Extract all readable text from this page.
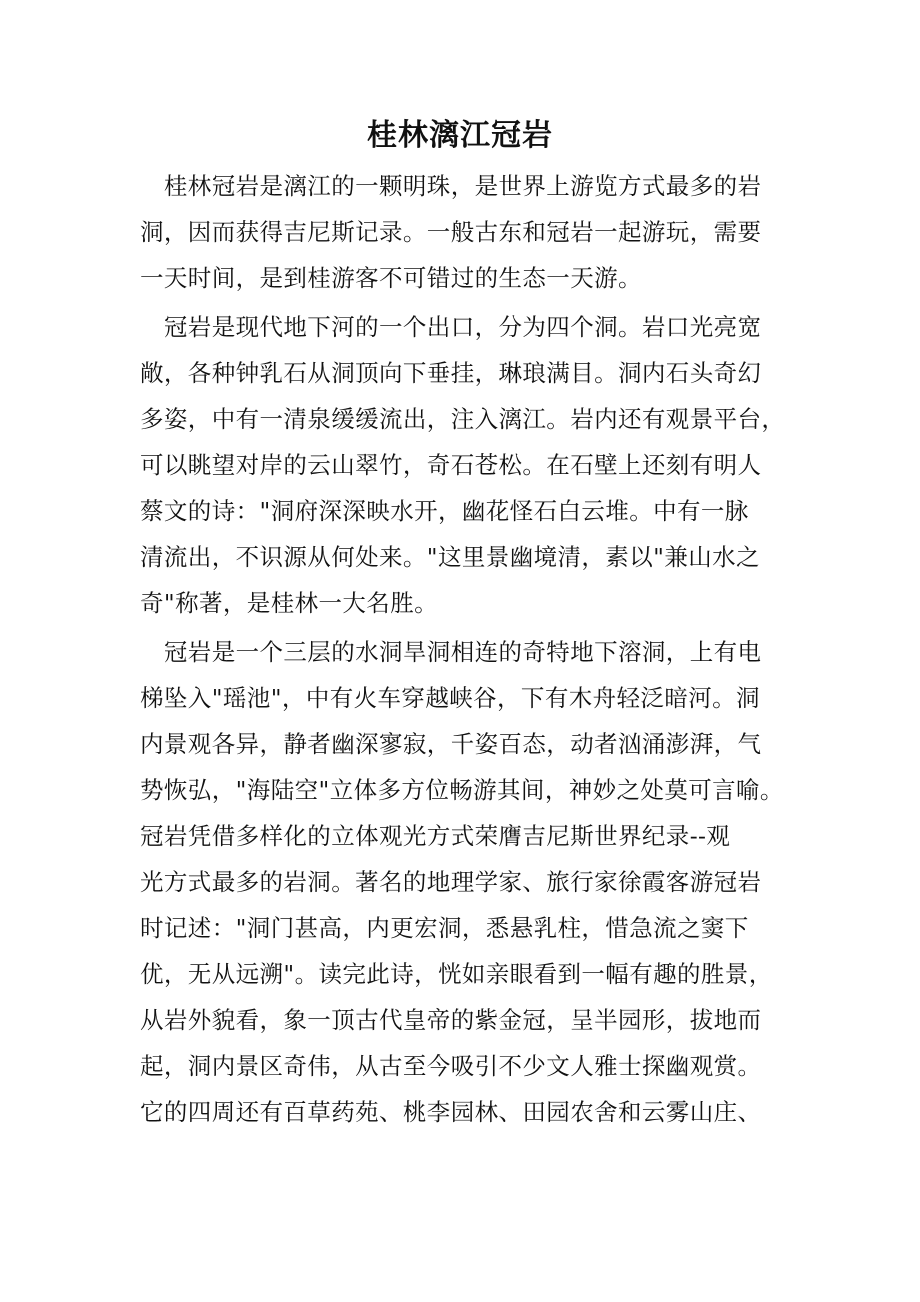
桂林漓江冠岩
　桂林冠岩是漓江的一颗明珠，是世界上游览方式最多的岩
洞，因而获得吉尼斯记录。一般古东和冠岩一起游玩，需要
一天时间，是到桂游客不可错过的生态一天游。
　冠岩是现代地下河的一个出口，分为四个洞。岩口光亮宽
敞，各种钟乳石从洞顶向下垂挂，琳琅满目。洞内石头奇幻
多姿，中有一清泉缓缓流出，注入漓江。岩内还有观景平台，
可以眺望对岸的云山翠竹，奇石苍松。在石壁上还刻有明人
蔡文的诗："洞府深深映水开，幽花怪石白云堆。中有一脉
清流出，不识源从何处来。"这里景幽境清，素以"兼山水之
奇"称著，是桂林一大名胜。
　冠岩是一个三层的水洞旱洞相连的奇特地下溶洞，上有电
梯坠入"瑶池"，中有火车穿越峡谷，下有木舟轻泛暗河。洞
内景观各异，静者幽深寥寂，千姿百态，动者汹涌澎湃，气
势恢弘，"海陆空"立体多方位畅游其间，神妙之处莫可言喻。
冠岩凭借多样化的立体观光方式荣膺吉尼斯世界纪录--观
光方式最多的岩洞。著名的地理学家、旅行家徐霞客游冠岩
时记述："洞门甚高，内更宏洞，悉悬乳柱，惜急流之窦下
优，无从远溯"。读完此诗，恍如亲眼看到一幅有趣的胜景，
从岩外貌看，象一顶古代皇帝的紫金冠，呈半园形，拔地而
起，洞内景区奇伟，从古至今吸引不少文人雅士探幽观赏。
它的四周还有百草药苑、桃李园林、田园农舍和云雾山庄、
